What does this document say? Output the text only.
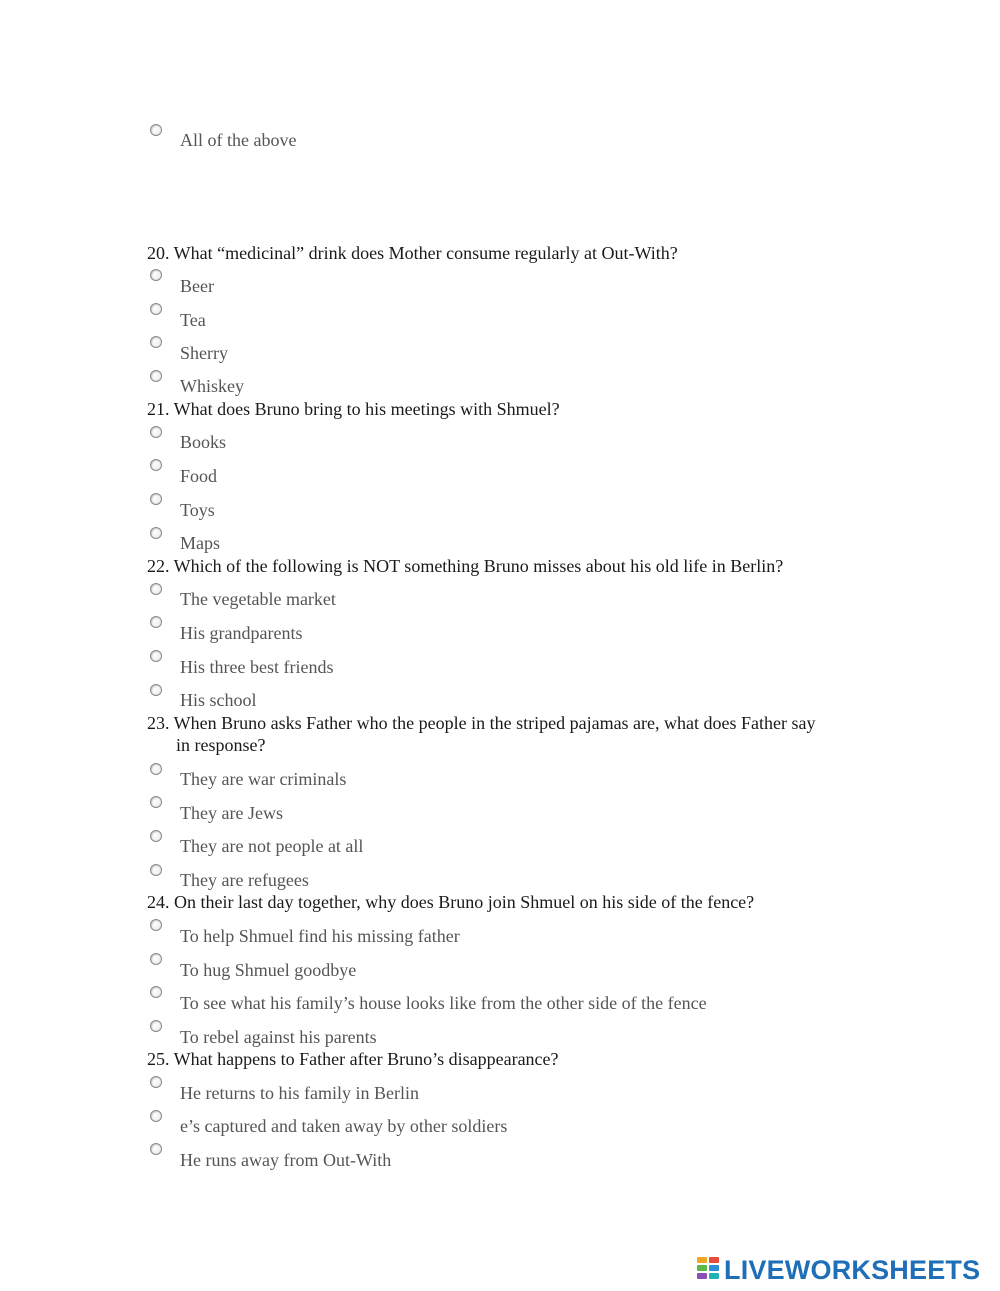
All of the above
20. What “medicinal” drink does Mother consume regularly at Out-With?
Beer
Tea
Sherry
Whiskey
21. What does Bruno bring to his meetings with Shmuel?
Books
Food
Toys
Maps
22. Which of the following is NOT something Bruno misses about his old life in Berlin?
The vegetable market
His grandparents
His three best friends
His school
23. When Bruno asks Father who the people in the striped pajamas are, what does Father say
in response?
They are war criminals
They are Jews
They are not people at all
They are refugees
24. On their last day together, why does Bruno join Shmuel on his side of the fence?
To help Shmuel find his missing father
To hug Shmuel goodbye
To see what his family’s house looks like from the other side of the fence
To rebel against his parents
25. What happens to Father after Bruno’s disappearance?
He returns to his family in Berlin
e’s captured and taken away by other soldiers
He runs away from Out-With
LIVEWORKSHEETS
